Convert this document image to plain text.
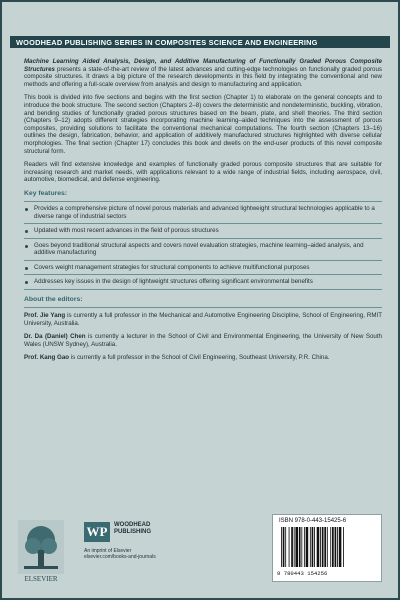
WOODHEAD PUBLISHING SERIES IN COMPOSITES SCIENCE AND ENGINEERING

Machine Learning Aided Analysis, Design, and Additive Manufacturing of Functionally Graded Porous Composite Structures presents a state-of-the-art review of the latest advances and cutting-edge technologies on functionally graded porous composite structures. It draws a big picture of the research developments in this field by integrating the conventional and new methods and offering a full-scale overview from analysis and design to manufacturing and application.

This book is divided into five sections and begins with the first section (Chapter 1) to elaborate on the general concepts and to introduce the book structure. The second section (Chapters 2–8) covers the deterministic and nondeterministic, buckling, vibration, and bending studies of functionally graded porous structures based on the beam, plate, and shell theories. The third section (Chapters 9–12) adopts different strategies incorporating machine learning–aided techniques into the assessment of porous composites, providing solutions to facilitate the conventional mechanical computations. The fourth section (Chapters 13–16) outlines the design, fabrication, behavior, and application of additively manufactured structures highlighted with diverse cellular morphologies. The final section (Chapter 17) concludes this book and dwells on the end-user products of this novel composite structural form.

Readers will find extensive knowledge and examples of functionally graded porous composite structures that are suitable for increasing research and market needs, with applications relevant to a wide range of industrial fields, including aerospace, civil, automotive, biomedical, and defense engineering.

Key features:
Provides a comprehensive picture of novel porous materials and advanced lightweight structural technologies applicable to a diverse range of industrial sectors
Updated with most recent advances in the field of porous structures
Goes beyond traditional structural aspects and covers novel evaluation strategies, machine learning–aided analysis, and additive manufacturing
Covers weight management strategies for structural components to achieve multifunctional purposes
Addresses key issues in the design of lightweight structures offering significant environmental benefits
About the editors:

Prof. Jie Yang is currently a full professor in the Mechanical and Automotive Engineering Discipline, School of Engineering, RMIT University, Australia.

Dr. Da (Daniel) Chen is currently a lecturer in the School of Civil and Environmental Engineering, the University of New South Wales (UNSW Sydney), Australia.

Prof. Kang Gao is currently a full professor in the School of Civil Engineering, Southeast University, P.R. China.

ELSEVIER
WP	WOODHEAD
PUBLISHING
An imprint of Elsevier
elsevier.com/books-and-journals
ISBN 978-0-443-15425-6
9 780443 154256
